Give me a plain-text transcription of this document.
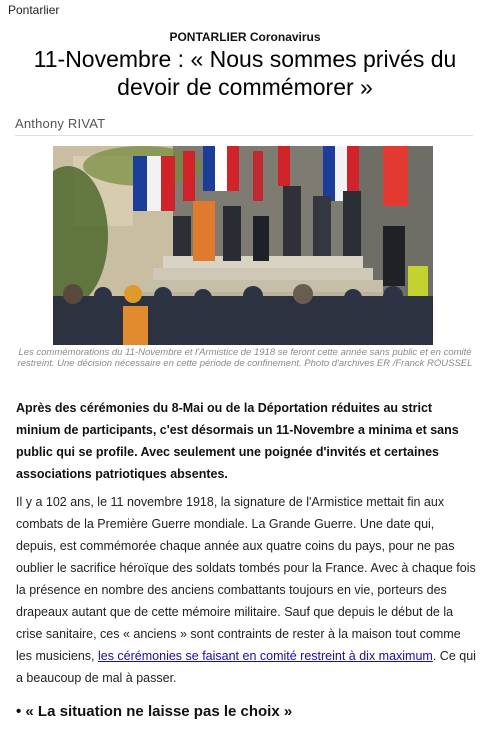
Pontarlier
PONTARLIER Coronavirus
11-Novembre : « Nous sommes privés du devoir de commémorer »
Anthony RIVAT
Les commémorations du 11-Novembre et l'Armistice de 1918 se feront cette année sans public et en comité restreint. Une décision nécessaire en cette période de confinement. Photo d'archives ER /Franck ROUSSEL

Après des cérémonies du 8-Mai ou de la Déportation réduites au strict minium de participants, c'est désormais un 11-Novembre a minima et sans public qui se profile. Avec seulement une poignée d'invités et certaines associations patriotiques absentes.

Il y a 102 ans, le 11 novembre 1918, la signature de l'Armistice mettait fin aux combats de la Première Guerre mondiale. La Grande Guerre. Une date qui, depuis, est commémorée chaque année aux quatre coins du pays, pour ne pas oublier le sacrifice héroïque des soldats tombés pour la France. Avec à chaque fois la présence en nombre des anciens combattants toujours en vie, porteurs des drapeaux autant que de cette mémoire militaire. Sauf que depuis le début de la crise sanitaire, ces « anciens » sont contraints de rester à la maison tout comme les musiciens, les cérémonies se faisant en comité restreint à dix maximum. Ce qui a beaucoup de mal à passer.

• « La situation ne laisse pas le choix »
